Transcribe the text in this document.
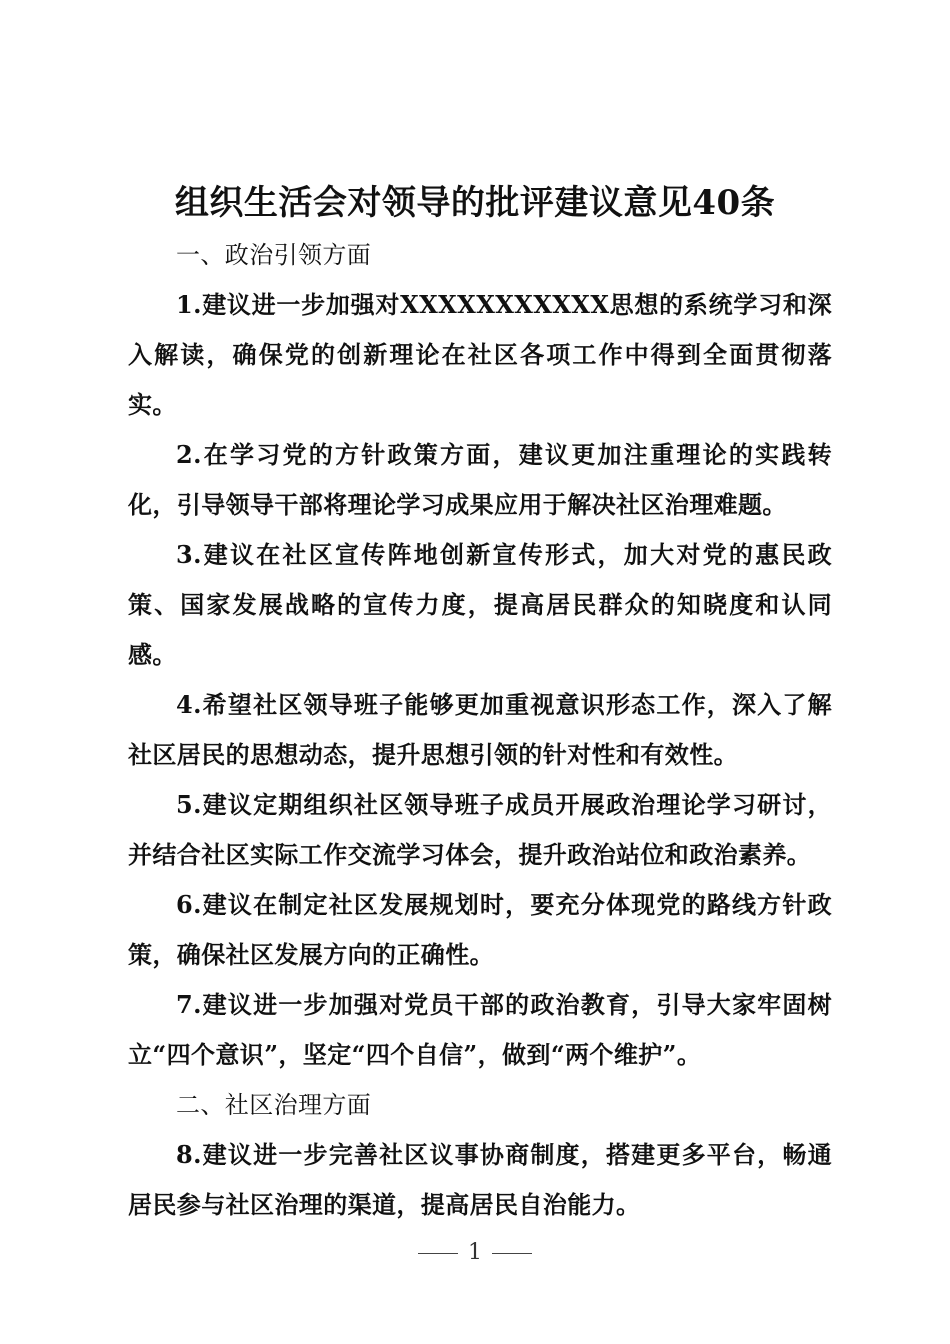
组织生活会对领导的批评建议意见40条

一、政治引领方面

1.建议进一步加强对XXXXXXXXXXX思想的系统学习和深入解读，确保党的创新理论在社区各项工作中得到全面贯彻落实。

2.在学习党的方针政策方面，建议更加注重理论的实践转化，引导领导干部将理论学习成果应用于解决社区治理难题。

3.建议在社区宣传阵地创新宣传形式，加大对党的惠民政策、国家发展战略的宣传力度，提高居民群众的知晓度和认同感。

4.希望社区领导班子能够更加重视意识形态工作，深入了解社区居民的思想动态，提升思想引领的针对性和有效性。

5.建议定期组织社区领导班子成员开展政治理论学习研讨，并结合社区实际工作交流学习体会，提升政治站位和政治素养。

6.建议在制定社区发展规划时，要充分体现党的路线方针政策，确保社区发展方向的正确性。

7.建议进一步加强对党员干部的政治教育，引导大家牢固树立“四个意识”，坚定“四个自信”，做到“两个维护”。

二、社区治理方面

8.建议进一步完善社区议事协商制度，搭建更多平台，畅通居民参与社区治理的渠道，提高居民自治能力。

1
